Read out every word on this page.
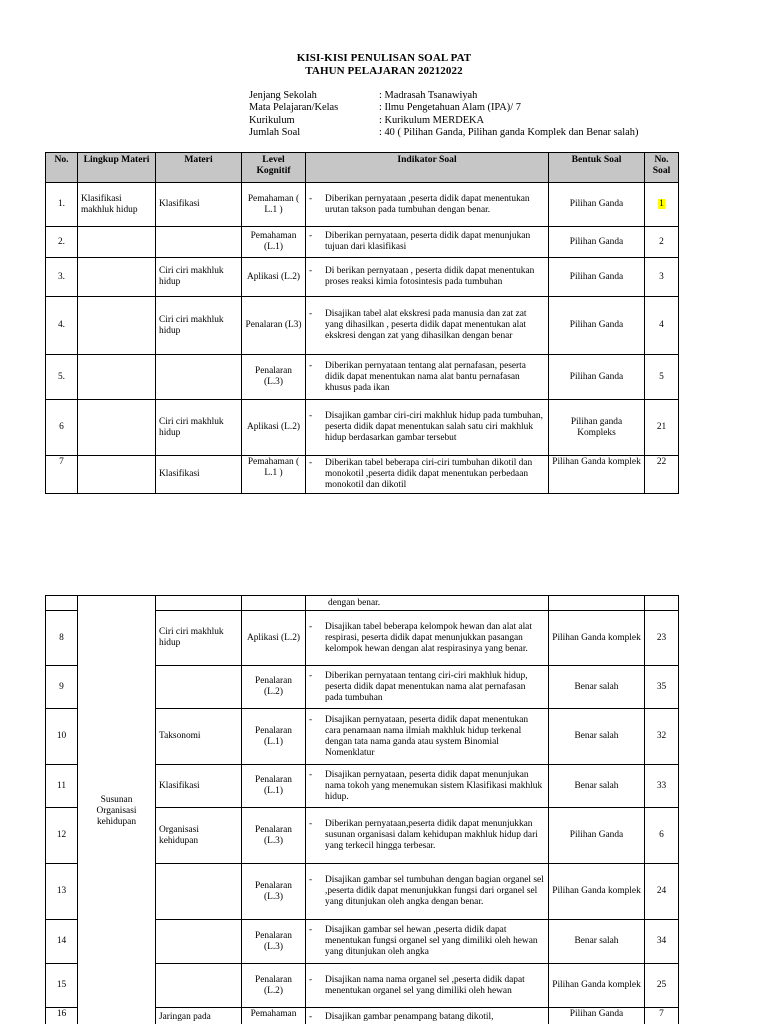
KISI-KISI PENULISAN SOAL PAT
TAHUN PELAJARAN 20212022
Jenjang Sekolah	: Madrasah Tsanawiyah
Mata Pelajaran/Kelas	: Ilmu Pengetahuan Alam (IPA)/ 7
Kurikulum	: Kurikulum MERDEKA
Jumlah Soal	: 40 ( Pilihan Ganda, Pilihan ganda Komplek dan Benar salah)
No.	Lingkup Materi	Materi	Level Kognitif	Indikator Soal	Bentuk Soal	No. Soal
1.	Klasifikasi makhluk hidup	Klasifikasi	Pemahaman ( L.1 )	- Diberikan pernyataan ,peserta didik dapat menentukan urutan takson pada tumbuhan dengan benar.	Pilihan Ganda	1
2.			Pemahaman (L.1)	- Diberikan pernyataan, peserta didik dapat menunjukan tujuan dari klasifikasi	Pilihan Ganda	2
3.		Ciri ciri makhluk hidup	Aplikasi (L.2)	- Di berikan pernyataan , peserta didik dapat menentukan proses reaksi kimia fotosintesis pada tumbuhan	Pilihan Ganda	3
4.		Ciri ciri makhluk hidup	Penalaran (L3)	- Disajikan tabel alat ekskresi pada manusia dan zat zat yang dihasilkan , peserta didik dapat menentukan alat ekskresi dengan zat yang dihasilkan dengan benar	Pilihan Ganda	4
5.			Penalaran (L.3)	- Diberikan pernyataan tentang alat pernafasan, peserta didik dapat menentukan nama alat bantu pernafasan khusus pada ikan	Pilihan Ganda	5
6		Ciri ciri makhluk hidup	Aplikasi (L.2)	- Disajikan gambar ciri-ciri makhluk hidup pada tumbuhan, peserta didik dapat menentukan salah satu ciri makhluk hidup berdasarkan gambar tersebut	Pilihan ganda Kompleks	21
7		Klasifikasi	Pemahaman ( L.1 )	- Diberikan tabel beberapa ciri-ciri tumbuhan dikotil dan monokotil ,peserta didik dapat menentukan perbedaan monokotil dan dikotil	Pilihan Ganda komplek	22
	Susunan Organisasi kehidupan			dengan benar.		
8		Ciri ciri makhluk hidup	Aplikasi (L.2)	- Disajikan tabel beberapa kelompok hewan dan alat alat respirasi, peserta didik dapat menunjukkan pasangan kelompok hewan dengan alat respirasinya yang benar.	Pilihan Ganda komplek	23
9			Penalaran (L.2)	- Diberikan pernyataan tentang ciri-ciri makhluk hidup, peserta didik dapat menentukan nama alat pernafasan pada tumbuhan	Benar salah	35
10		Taksonomi	Penalaran (L.1)	- Disajikan pernyataan, peserta didik dapat menentukan cara penamaan nama ilmiah makhluk hidup terkenal dengan tata nama ganda atau system Binomial Nomenklatur	Benar salah	32
11		Klasifikasi	Penalaran (L.1)	- Disajikan pernyataan, peserta didik dapat menunjukan nama tokoh yang menemukan sistem Klasifikasi makhluk hidup.	Benar salah	33
12		Organisasi kehidupan	Penalaran (L.3)	- Diberikan pernyataan,peserta didik dapat menunjukkan susunan organisasi dalam kehidupan makhluk hidup dari yang terkecil hingga terbesar.	Pilihan Ganda	6
13			Penalaran (L.3)	- Disajikan gambar sel tumbuhan dengan bagian organel sel ,peserta didik dapat menunjukkan fungsi dari organel sel yang ditunjukan oleh angka dengan benar.	Pilihan Ganda komplek	24
14			Penalaran (L.3)	- Disajikan gambar sel hewan ,peserta didik dapat menentukan fungsi organel sel yang dimiliki oleh hewan yang ditunjukan oleh angka	Benar salah	34
15			Penalaran (L.2)	- Disajikan nama nama organel sel ,peserta didik dapat menentukan organel sel yang dimiliki oleh hewan	Pilihan Ganda komplek	25
16		Jaringan pada	Pemahaman	- Disajikan gambar penampang batang dikotil,	Pilihan Ganda	7
